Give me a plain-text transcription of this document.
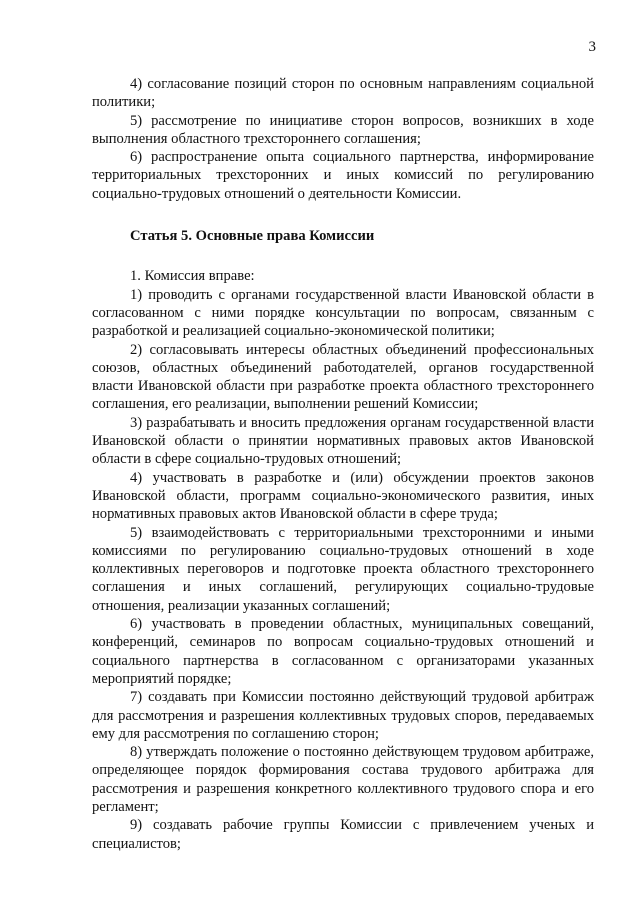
3

4) согласование позиций сторон по основным направлениям социальной политики;

5) рассмотрение по инициативе сторон вопросов, возникших в ходе выполнения областного трехстороннего соглашения;

6) распространение опыта социального партнерства, информирование территориальных трехсторонних и иных комиссий по регулированию социально-трудовых отношений о деятельности Комиссии.

Статья 5. Основные права Комиссии

1. Комиссия вправе:

1) проводить с органами государственной власти Ивановской области в согласованном с ними порядке консультации по вопросам, связанным с разработкой и реализацией социально-экономической политики;

2) согласовывать интересы областных объединений профессиональных союзов, областных объединений работодателей, органов государственной власти Ивановской области при разработке проекта областного трехстороннего соглашения, его реализации, выполнении решений Комиссии;

3) разрабатывать и вносить предложения органам государственной власти Ивановской области о принятии нормативных правовых актов Ивановской области в сфере социально-трудовых отношений;

4) участвовать в разработке и (или) обсуждении проектов законов Ивановской области, программ социально-экономического развития, иных нормативных правовых актов Ивановской области в сфере труда;

5) взаимодействовать с территориальными трехсторонними и иными комиссиями по регулированию социально-трудовых отношений в ходе коллективных переговоров и подготовке проекта областного трехстороннего соглашения и иных соглашений, регулирующих социально-трудовые отношения, реализации указанных соглашений;

6) участвовать в проведении областных, муниципальных совещаний, конференций, семинаров по вопросам социально-трудовых отношений и социального партнерства в согласованном с организаторами указанных мероприятий порядке;

7) создавать при Комиссии постоянно действующий трудовой арбитраж для рассмотрения и разрешения коллективных трудовых споров, передаваемых ему для рассмотрения по соглашению сторон;

8) утверждать положение о постоянно действующем трудовом арбитраже, определяющее порядок формирования состава трудового арбитража для рассмотрения и разрешения конкретного коллективного трудового спора и его регламент;

9) создавать рабочие группы Комиссии с привлечением ученых и специалистов;
